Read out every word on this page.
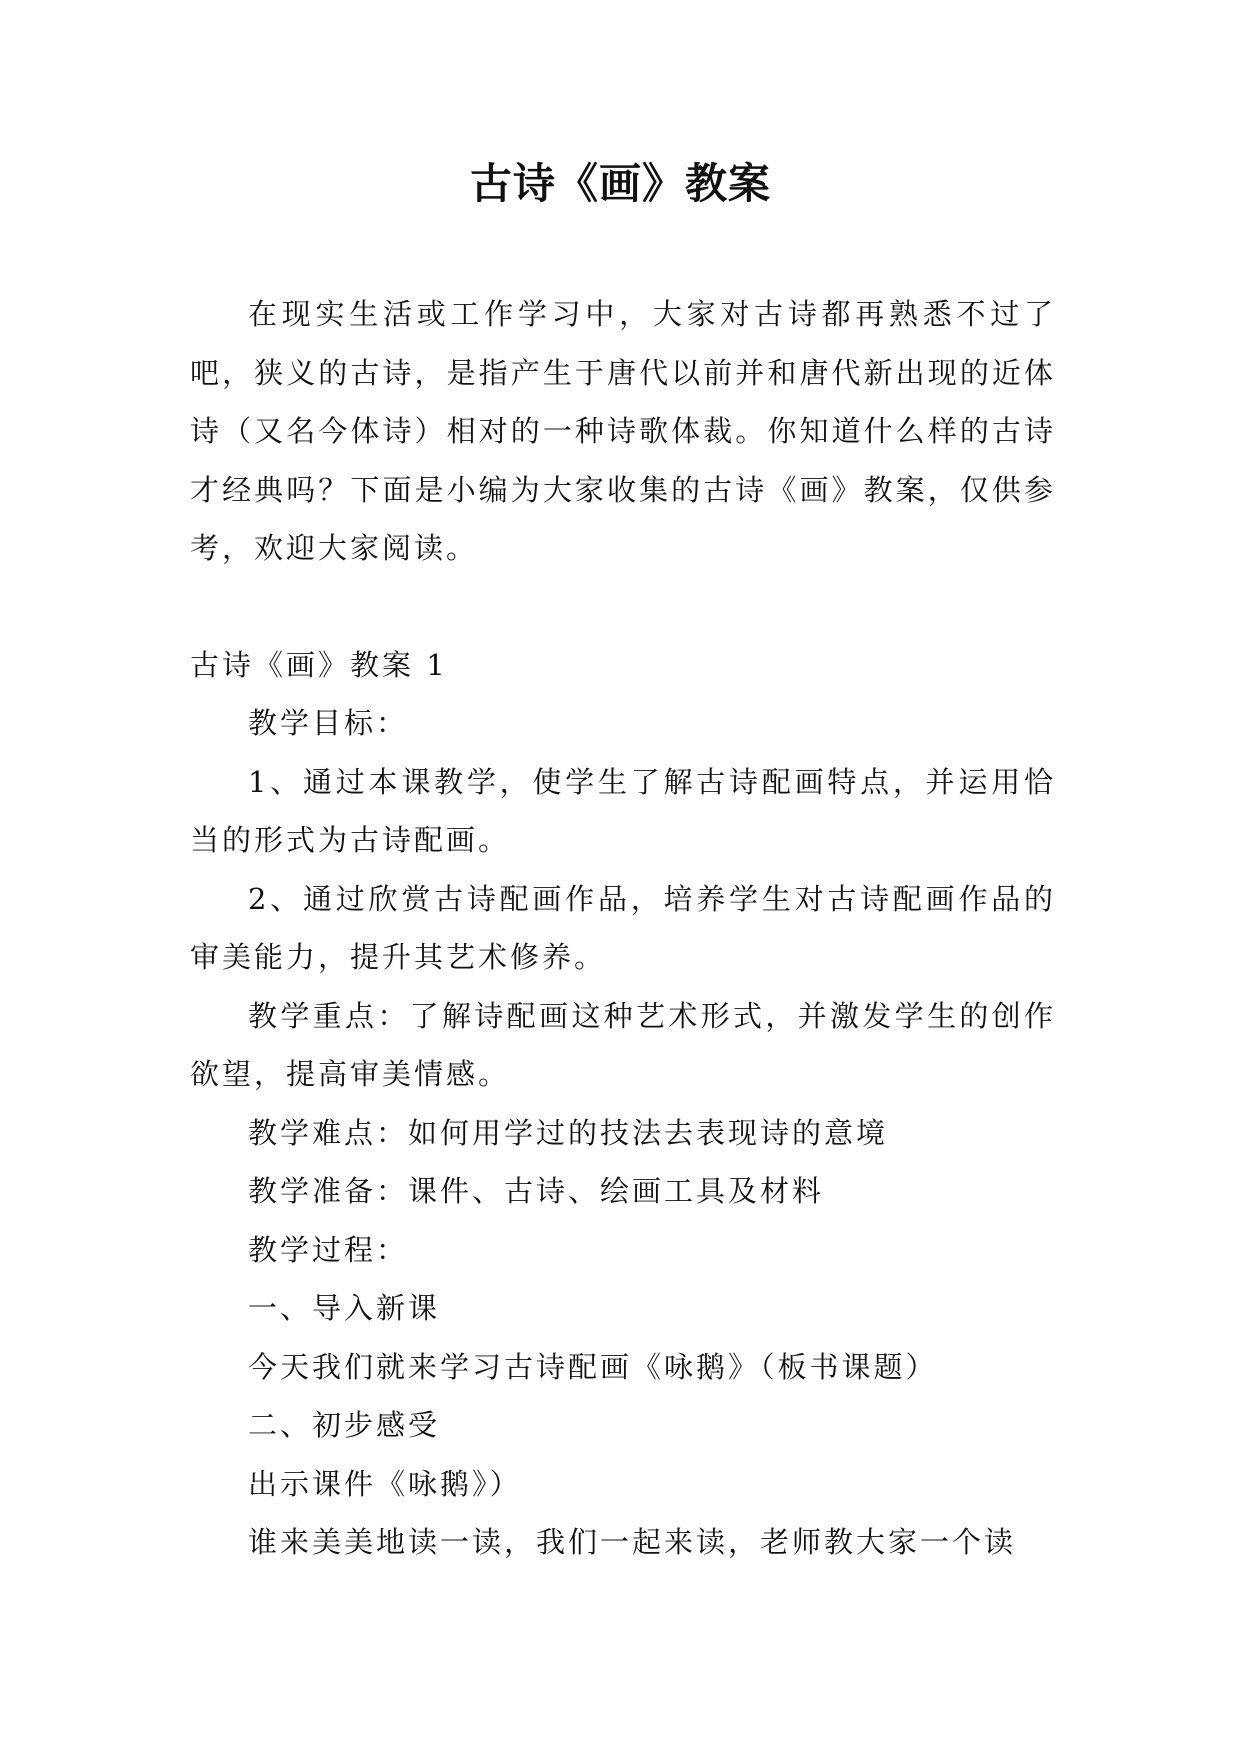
古诗《画》教案

在现实生活或工作学习中，大家对古诗都再熟悉不过了吧，狭义的古诗，是指产生于唐代以前并和唐代新出现的近体诗（又名今体诗）相对的一种诗歌体裁。你知道什么样的古诗才经典吗？下面是小编为大家收集的古诗《画》教案，仅供参考，欢迎大家阅读。

古诗《画》教案 1

教学目标：

1、通过本课教学，使学生了解古诗配画特点，并运用恰当的形式为古诗配画。

2、通过欣赏古诗配画作品，培养学生对古诗配画作品的审美能力，提升其艺术修养。

教学重点：了解诗配画这种艺术形式，并激发学生的创作欲望，提高审美情感。

教学难点：如何用学过的技法去表现诗的意境

教学准备：课件、古诗、绘画工具及材料

教学过程：

一、导入新课

今天我们就来学习古诗配画《咏鹅》（板书课题）

二、初步感受

出示课件《咏鹅》）

谁来美美地读一读，我们一起来读，老师教大家一个读
